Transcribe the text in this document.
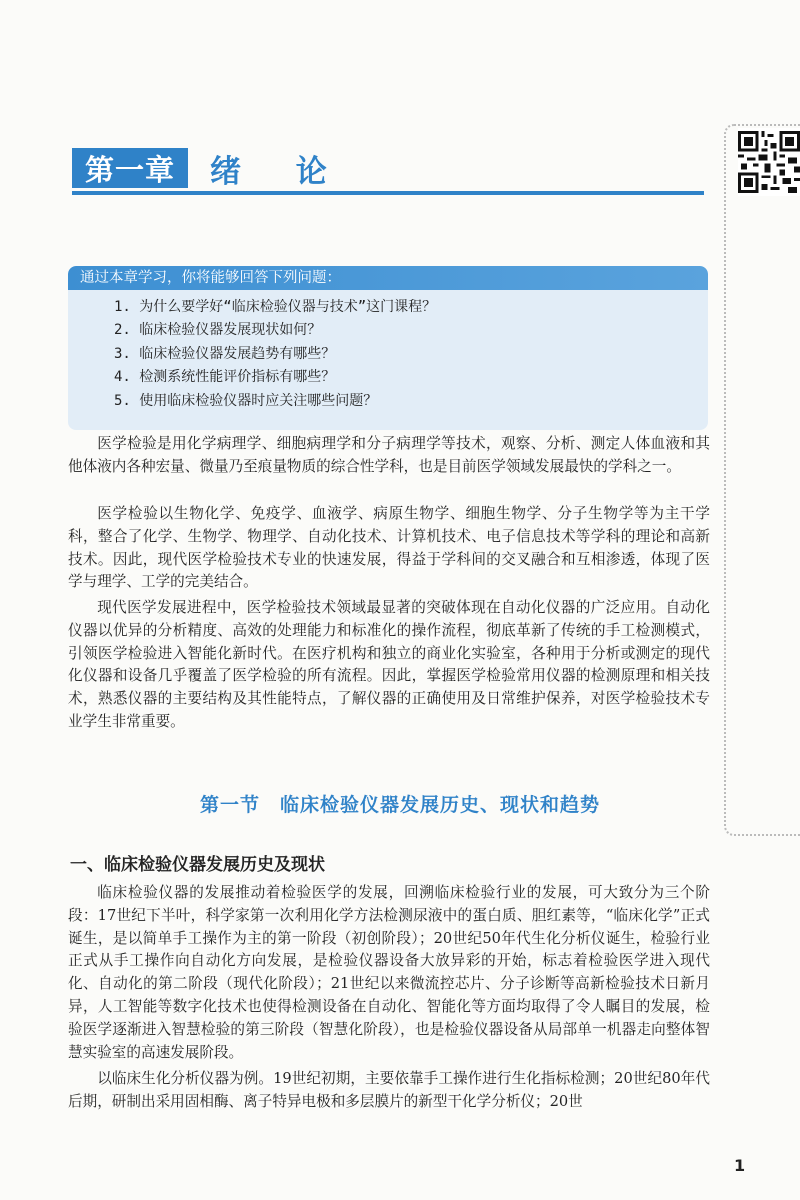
第一章	绪 论
通过本章学习，你将能够回答下列问题：
1. 为什么要学好“临床检验仪器与技术”这门课程？
2. 临床检验仪器发展现状如何？
3. 临床检验仪器发展趋势有哪些？
4. 检测系统性能评价指标有哪些？
5. 使用临床检验仪器时应关注哪些问题？

医学检验是用化学病理学、细胞病理学和分子病理学等技术，观察、分析、测定人体血液和其他体液内各种宏量、微量乃至痕量物质的综合性学科，也是目前医学领域发展最快的学科之一。

医学检验以生物化学、免疫学、血液学、病原生物学、细胞生物学、分子生物学等为主干学科，整合了化学、生物学、物理学、自动化技术、计算机技术、电子信息技术等学科的理论和高新技术。因此，现代医学检验技术专业的快速发展，得益于学科间的交叉融合和互相渗透，体现了医学与理学、工学的完美结合。

现代医学发展进程中，医学检验技术领域最显著的突破体现在自动化仪器的广泛应用。自动化仪器以优异的分析精度、高效的处理能力和标准化的操作流程，彻底革新了传统的手工检测模式，引领医学检验进入智能化新时代。在医疗机构和独立的商业化实验室，各种用于分析或测定的现代化仪器和设备几乎覆盖了医学检验的所有流程。因此，掌握医学检验常用仪器的检测原理和相关技术，熟悉仪器的主要结构及其性能特点，了解仪器的正确使用及日常维护保养，对医学检验技术专业学生非常重要。

第一节　临床检验仪器发展历史、现状和趋势
一、临床检验仪器发展历史及现状

临床检验仪器的发展推动着检验医学的发展，回溯临床检验行业的发展，可大致分为三个阶段：17世纪下半叶，科学家第一次利用化学方法检测尿液中的蛋白质、胆红素等，“临床化学”正式诞生，是以简单手工操作为主的第一阶段（初创阶段）；20世纪50年代生化分析仪诞生，检验行业正式从手工操作向自动化方向发展，是检验仪器设备大放异彩的开始，标志着检验医学进入现代化、自动化的第二阶段（现代化阶段）；21世纪以来微流控芯片、分子诊断等高新检验技术日新月异，人工智能等数字化技术也使得检测设备在自动化、智能化等方面均取得了令人瞩目的发展，检验医学逐渐进入智慧检验的第三阶段（智慧化阶段），也是检验仪器设备从局部单一机器走向整体智慧实验室的高速发展阶段。

以临床生化分析仪器为例。19世纪初期，主要依靠手工操作进行生化指标检测；20世纪80年代后期，研制出采用固相酶、离子特异电极和多层膜片的新型干化学分析仪；20世

1
